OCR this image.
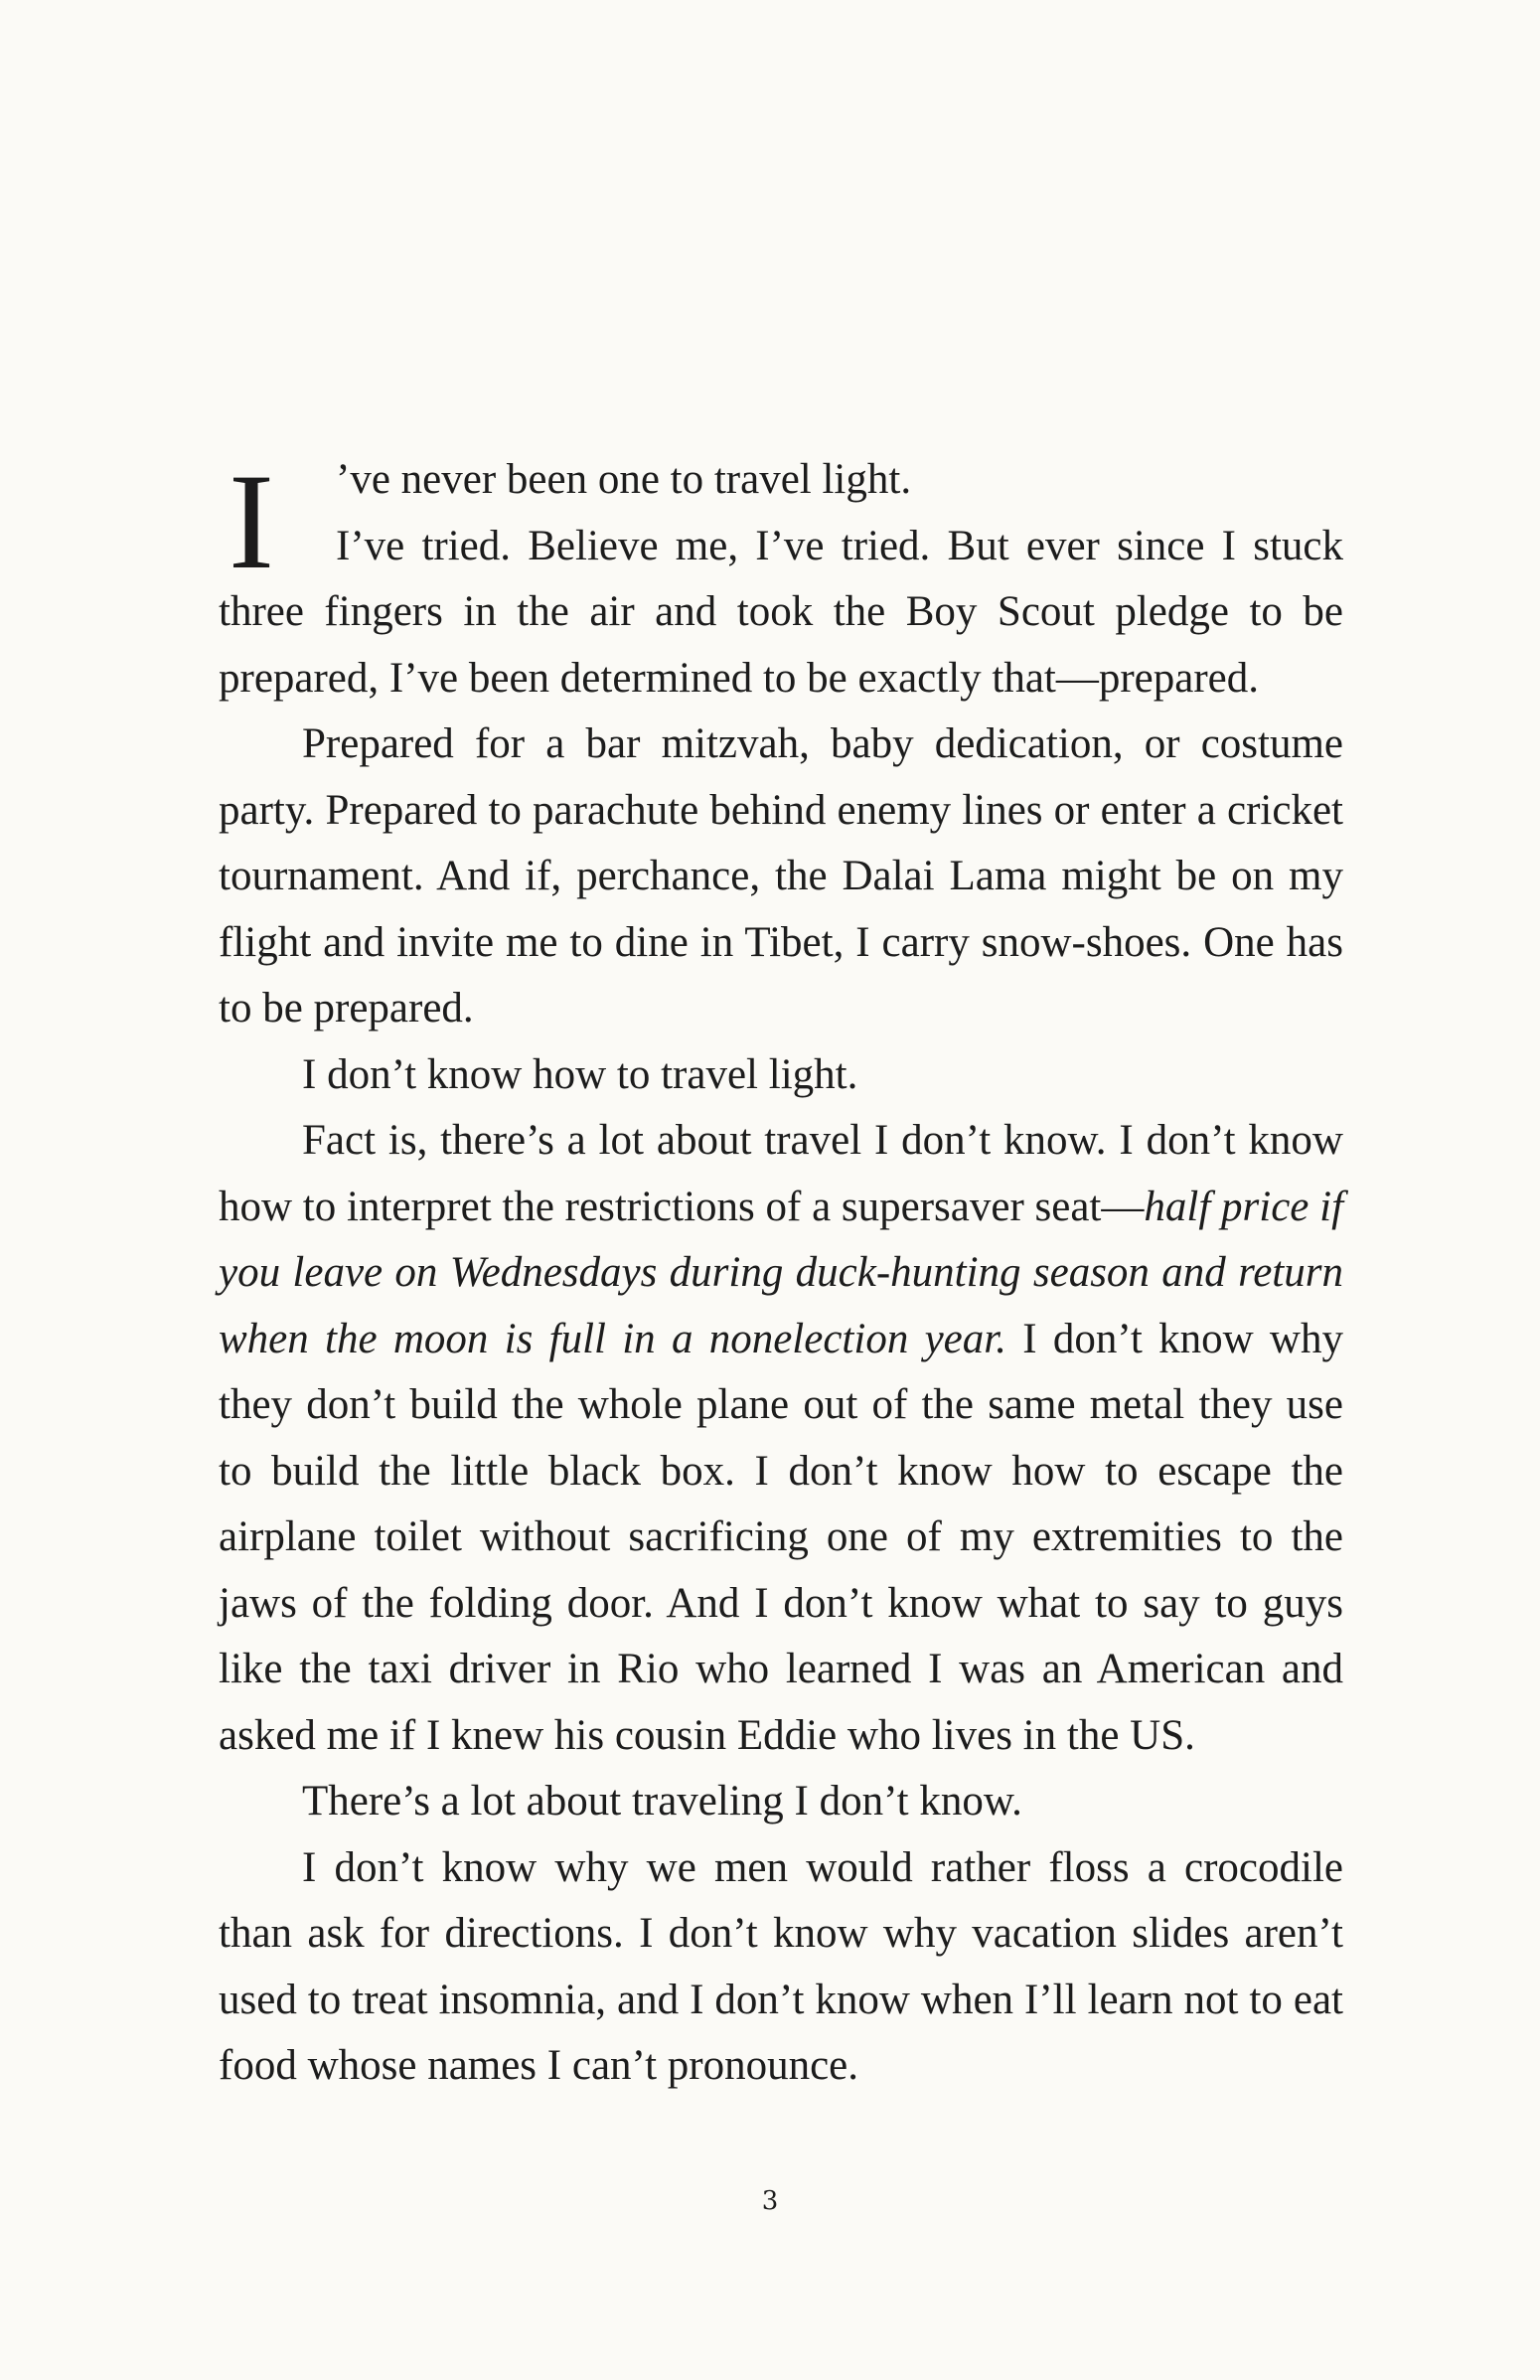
I ’ve never been one to travel light.

I’ve tried. Believe me, I’ve tried. But ever since I stuck three fingers in the air and took the Boy Scout pledge to be prepared, I’ve been determined to be exactly that—prepared.

Prepared for a bar mitzvah, baby dedication, or costume party. Prepared to parachute behind enemy lines or enter a cricket tournament. And if, perchance, the Dalai Lama might be on my flight and invite me to dine in Tibet, I carry snow-shoes. One has to be prepared.

I don’t know how to travel light.

Fact is, there’s a lot about travel I don’t know. I don’t know how to interpret the restrictions of a supersaver seat—half price if you leave on Wednesdays during duck-hunting season and return when the moon is full in a nonelection year. I don’t know why they don’t build the whole plane out of the same metal they use to build the little black box. I don’t know how to escape the airplane toilet without sacrificing one of my extremities to the jaws of the folding door. And I don’t know what to say to guys like the taxi driver in Rio who learned I was an American and asked me if I knew his cousin Eddie who lives in the US.

There’s a lot about traveling I don’t know.

I don’t know why we men would rather floss a crocodile than ask for directions. I don’t know why vacation slides aren’t used to treat insomnia, and I don’t know when I’ll learn not to eat food whose names I can’t pronounce.

3
